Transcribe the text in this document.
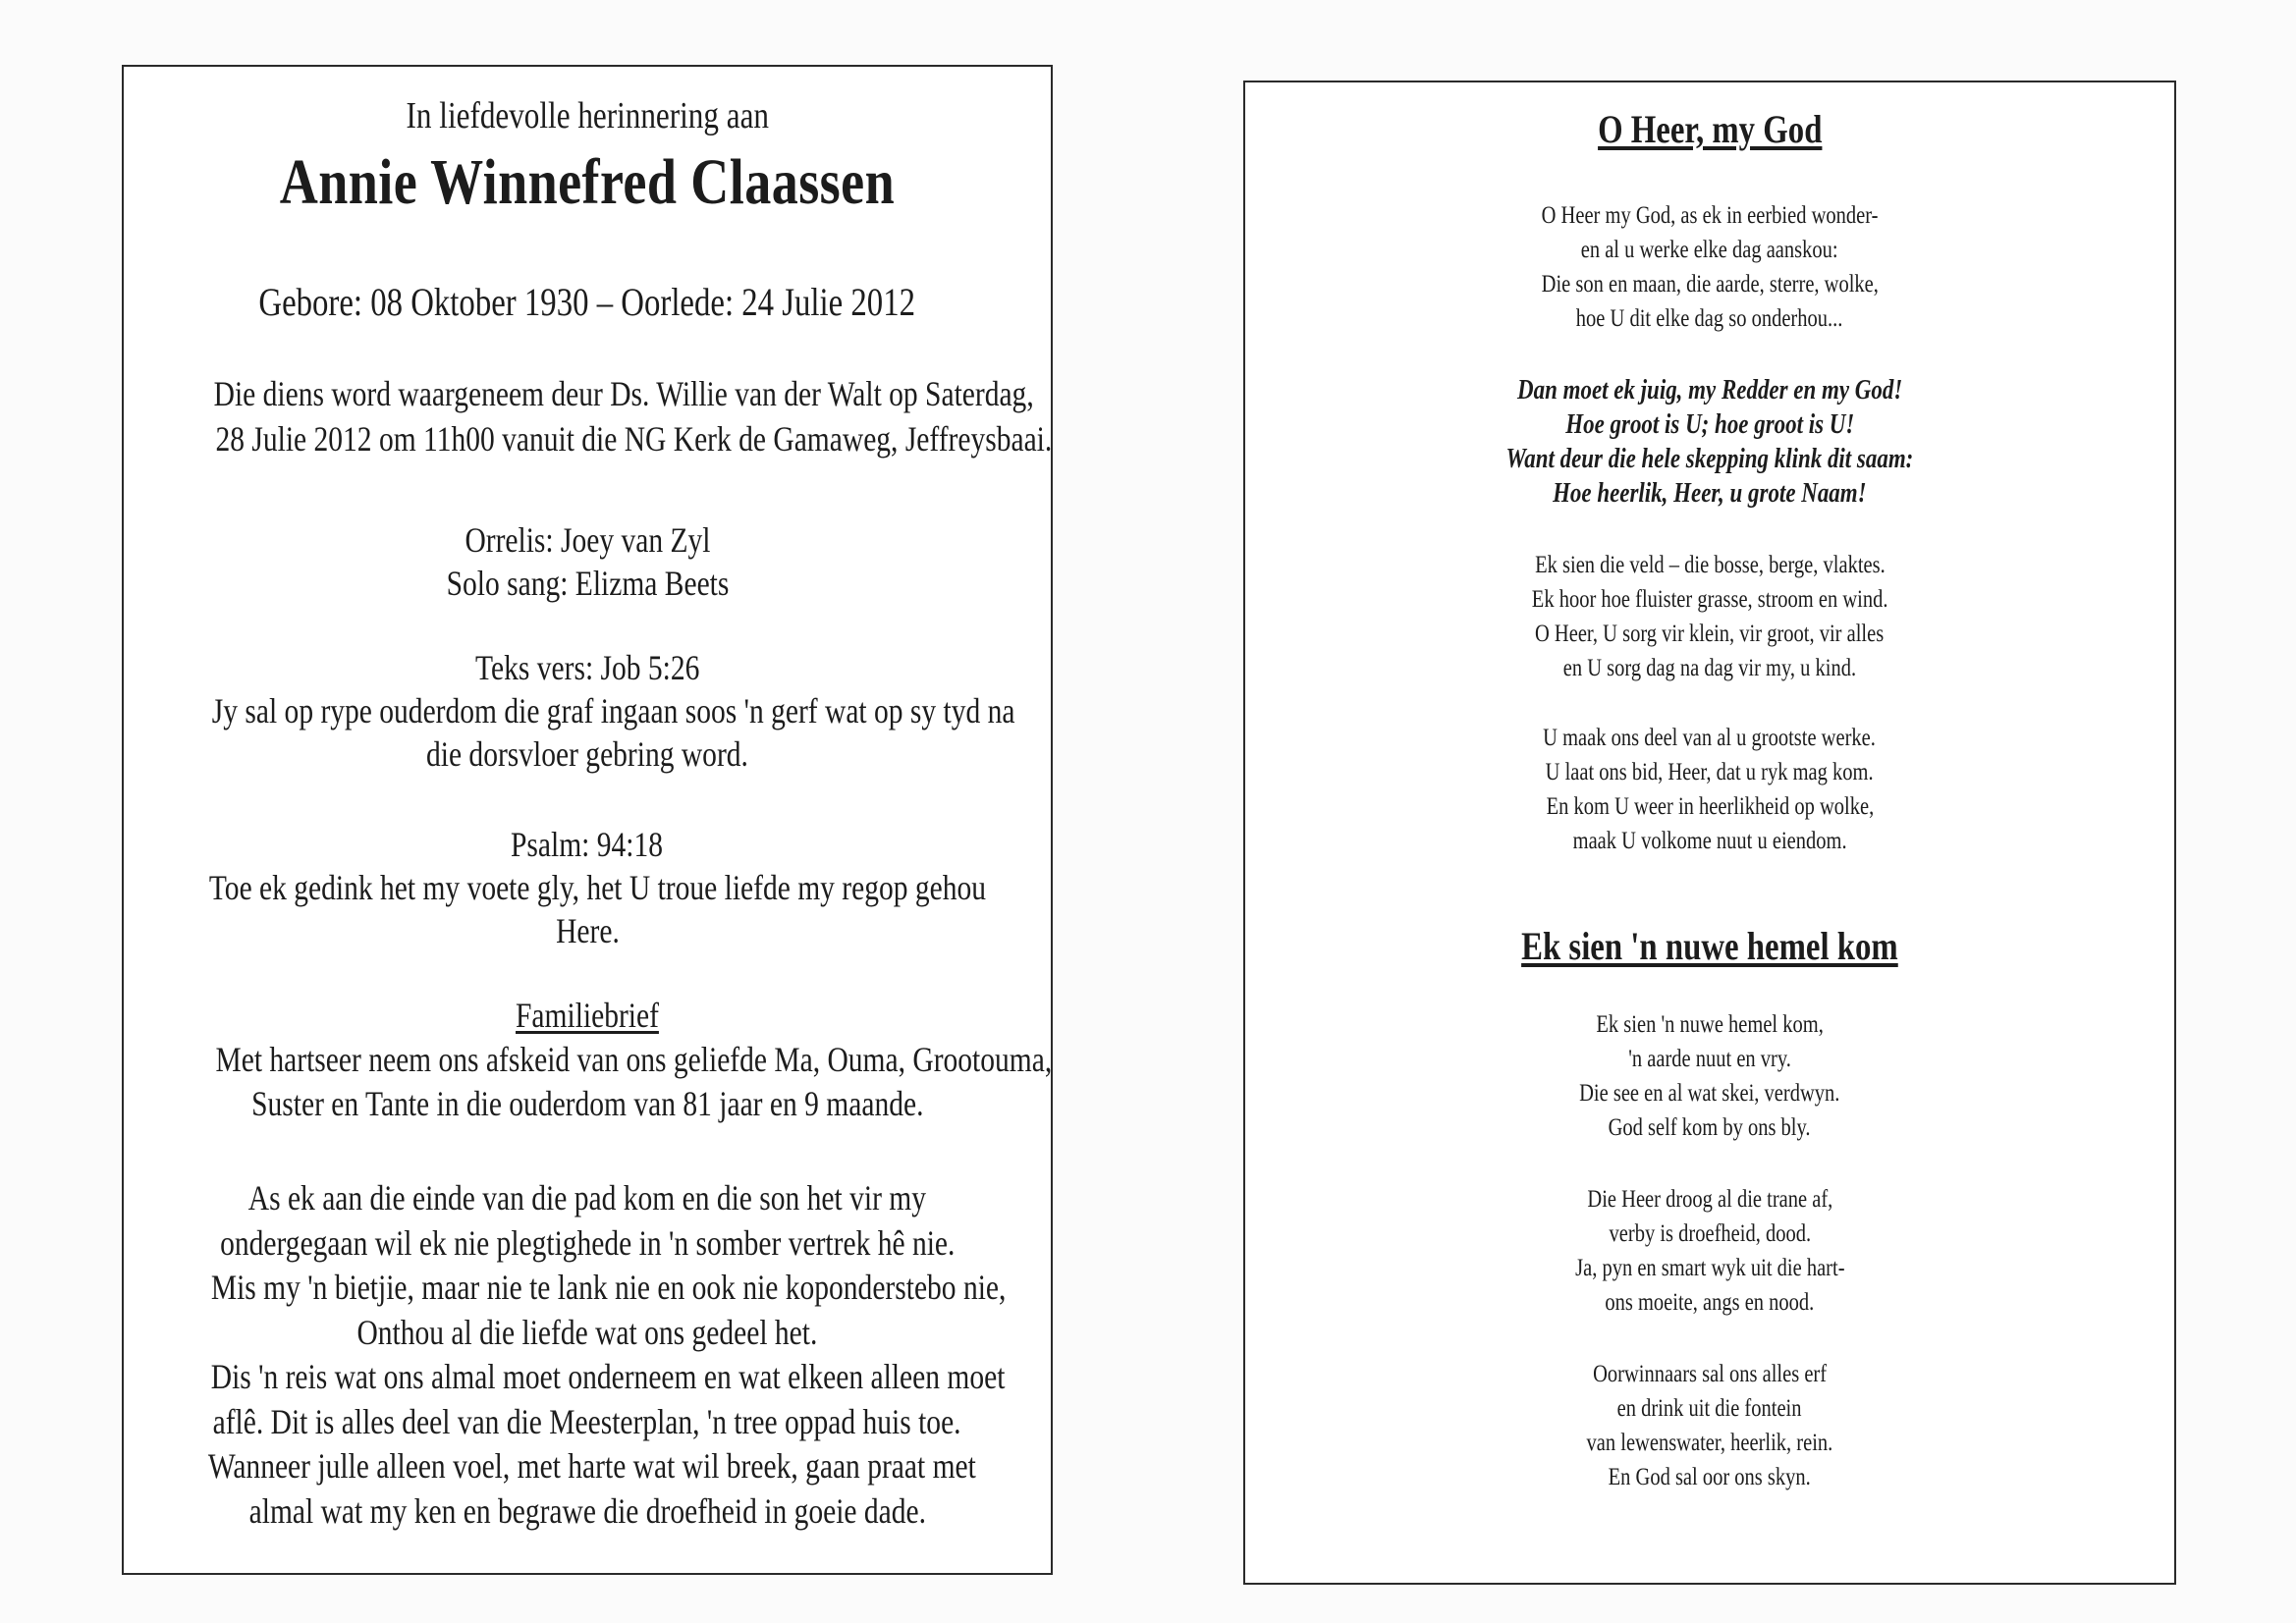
In liefdevolle herinnering aan
Annie Winnefred Claassen
Gebore: 08 Oktober 1930 – Oorlede: 24 Julie 2012
Die diens word waargeneem deur Ds. Willie van der Walt op Saterdag,
28 Julie 2012 om 11h00 vanuit die NG Kerk de Gamaweg, Jeffreysbaai.
Orrelis: Joey van Zyl
Solo sang: Elizma Beets
Teks vers: Job 5:26
Jy sal op rype ouderdom die graf ingaan soos 'n gerf wat op sy tyd na
die dorsvloer gebring word.
Psalm: 94:18
Toe ek gedink het my voete gly, het U troue liefde my regop gehou
Here.
Familiebrief
Met hartseer neem ons afskeid van ons geliefde Ma, Ouma, Grootouma,
Suster en Tante in die ouderdom van 81 jaar en 9 maande.
As ek aan die einde van die pad kom en die son het vir my
ondergegaan wil ek nie plegtighede in 'n somber vertrek hê nie.
Mis my 'n bietjie, maar nie te lank nie en ook nie koponderstebo nie,
Onthou al die liefde wat ons gedeel het.
Dis 'n reis wat ons almal moet onderneem en wat elkeen alleen moet
aflê. Dit is alles deel van die Meesterplan, 'n tree oppad huis toe.
Wanneer julle alleen voel, met harte wat wil breek, gaan praat met
almal wat my ken en begrawe die droefheid in goeie dade.
O Heer, my God
O Heer my God, as ek in eerbied wonder-
en al u werke elke dag aanskou:
Die son en maan, die aarde, sterre, wolke,
hoe U dit elke dag so onderhou...
Dan moet ek juig, my Redder en my God!
Hoe groot is U; hoe groot is U!
Want deur die hele skepping klink dit saam:
Hoe heerlik, Heer, u grote Naam!
Ek sien die veld – die bosse, berge, vlaktes.
Ek hoor hoe fluister grasse, stroom en wind.
O Heer, U sorg vir klein, vir groot, vir alles
en U sorg dag na dag vir my, u kind.
U maak ons deel van al u grootste werke.
U laat ons bid, Heer, dat u ryk mag kom.
En kom U weer in heerlikheid op wolke,
maak U volkome nuut u eiendom.
Ek sien 'n nuwe hemel kom
Ek sien 'n nuwe hemel kom,
'n aarde nuut en vry.
Die see en al wat skei, verdwyn.
God self kom by ons bly.
Die Heer droog al die trane af,
verby is droefheid, dood.
Ja, pyn en smart wyk uit die hart-
ons moeite, angs en nood.
Oorwinnaars sal ons alles erf
en drink uit die fontein
van lewenswater, heerlik, rein.
En God sal oor ons skyn.
